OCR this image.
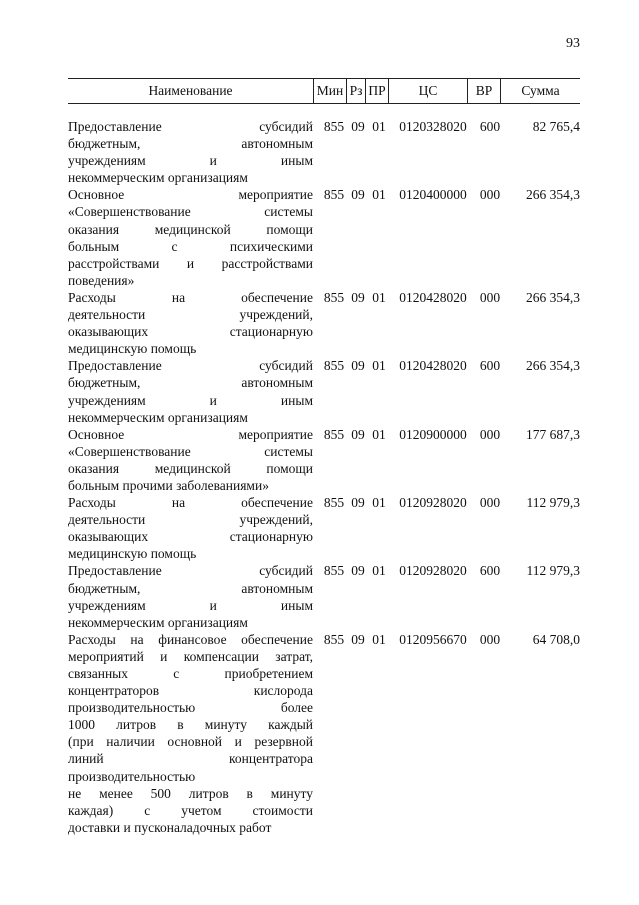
93
Наименование	Мин Рз ПР	ЦС	ВР	Сумма
Предоставление субсидий
бюджетным, автономным
учреждениям и иным
некоммерческим организациям
855 09 01	0120328020 600	82 765,4
Основное мероприятие
«Совершенствование системы
оказания медицинской помощи
больным с психическими
расстройствами и расстройствами
поведения»
855 09 01	0120400000 000	266 354,3
Расходы на обеспечение
деятельности учреждений,
оказывающих стационарную
медицинскую помощь
855 09 01	0120428020 000	266 354,3
Предоставление субсидий
бюджетным, автономным
учреждениям и иным
некоммерческим организациям
855 09 01	0120428020 600	266 354,3
Основное мероприятие
«Совершенствование системы
оказания медицинской помощи
больным прочими заболеваниями»
855 09 01	0120900000 000	177 687,3
Расходы на обеспечение
деятельности учреждений,
оказывающих стационарную
медицинскую помощь
855 09 01	0120928020 000	112 979,3
Предоставление субсидий
бюджетным, автономным
учреждениям и иным
некоммерческим организациям
855 09 01	0120928020 600	112 979,3
Расходы на финансовое обеспечение
мероприятий и компенсации затрат,
связанных с приобретением
концентраторов кислорода
производительностью более
1000 литров в минуту каждый
(при наличии основной и резервной
линий концентратора
производительностью
не менее 500 литров в минуту
каждая) с учетом стоимости
доставки и пусконаладочных работ
855 09 01	0120956670 000	64 708,0
